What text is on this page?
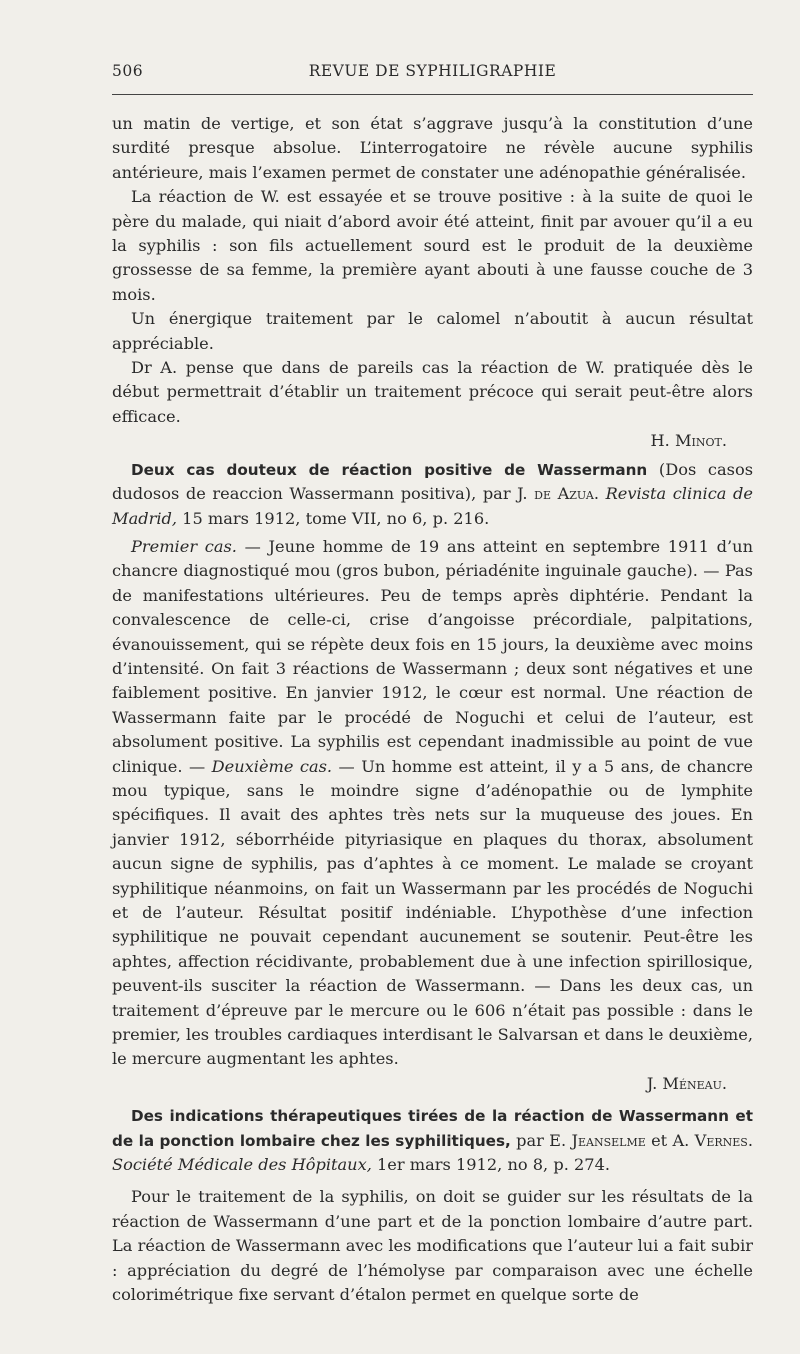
506	REVUE DE SYPHILIGRAPHIE

un matin de vertige, et son état s’aggrave jusqu’à la constitution d’une surdité presque absolue. L’interrogatoire ne révèle aucune syphilis antérieure, mais l’examen permet de constater une adénopathie généralisée.

La réaction de W. est essayée et se trouve positive : à la suite de quoi le père du malade, qui niait d’abord avoir été atteint, finit par avouer qu’il a eu la syphilis : son fils actuellement sourd est le produit de la deuxième grossesse de sa femme, la première ayant abouti à une fausse couche de 3 mois.

Un énergique traitement par le calomel n’aboutit à aucun résultat appréciable.

Dr A. pense que dans de pareils cas la réaction de W. pratiquée dès le début permettrait d’établir un traitement précoce qui serait peut-être alors efficace.

H. Minot.

Deux cas douteux de réaction positive de Wassermann (Dos casos dudosos de reaccion Wassermann positiva), par J. de Azua. Revista clinica de Madrid, 15 mars 1912, tome VII, no 6, p. 216.

Premier cas. — Jeune homme de 19 ans atteint en septembre 1911 d’un chancre diagnostiqué mou (gros bubon, périadénite inguinale gauche). — Pas de manifestations ultérieures. Peu de temps après diphtérie. Pendant la convalescence de celle-ci, crise d’angoisse précordiale, palpitations, évanouissement, qui se répète deux fois en 15 jours, la deuxième avec moins d’intensité. On fait 3 réactions de Wassermann ; deux sont négatives et une faiblement positive. En janvier 1912, le cœur est normal. Une réaction de Wassermann faite par le procédé de Noguchi et celui de l’auteur, est absolument positive. La syphilis est cependant inadmissible au point de vue clinique. — Deuxième cas. — Un homme est atteint, il y a 5 ans, de chancre mou typique, sans le moindre signe d’adénopathie ou de lymphite spécifiques. Il avait des aphtes très nets sur la muqueuse des joues. En janvier 1912, séborrhéide pityriasique en plaques du thorax, absolument aucun signe de syphilis, pas d’aphtes à ce moment. Le malade se croyant syphilitique néanmoins, on fait un Wassermann par les procédés de Noguchi et de l’auteur. Résultat positif indéniable. L’hypothèse d’une infection syphilitique ne pouvait cependant aucunement se soutenir. Peut-être les aphtes, affection récidivante, probablement due à une infection spirillosique, peuvent-ils susciter la réaction de Wassermann. — Dans les deux cas, un traitement d’épreuve par le mercure ou le 606 n’était pas possible : dans le premier, les troubles cardiaques interdisant le Salvarsan et dans le deuxième, le mercure augmentant les aphtes.

J. Méneau.

Des indications thérapeutiques tirées de la réaction de Wassermann et de la ponction lombaire chez les syphilitiques, par E. Jeanselme et A. Vernes. Société Médicale des Hôpitaux, 1er mars 1912, no 8, p. 274.

Pour le traitement de la syphilis, on doit se guider sur les résultats de la réaction de Wassermann d’une part et de la ponction lombaire d’autre part. La réaction de Wassermann avec les modifications que l’auteur lui a fait subir : appréciation du degré de l’hémolyse par comparaison avec une échelle colorimétrique fixe servant d’étalon permet en quelque sorte de
